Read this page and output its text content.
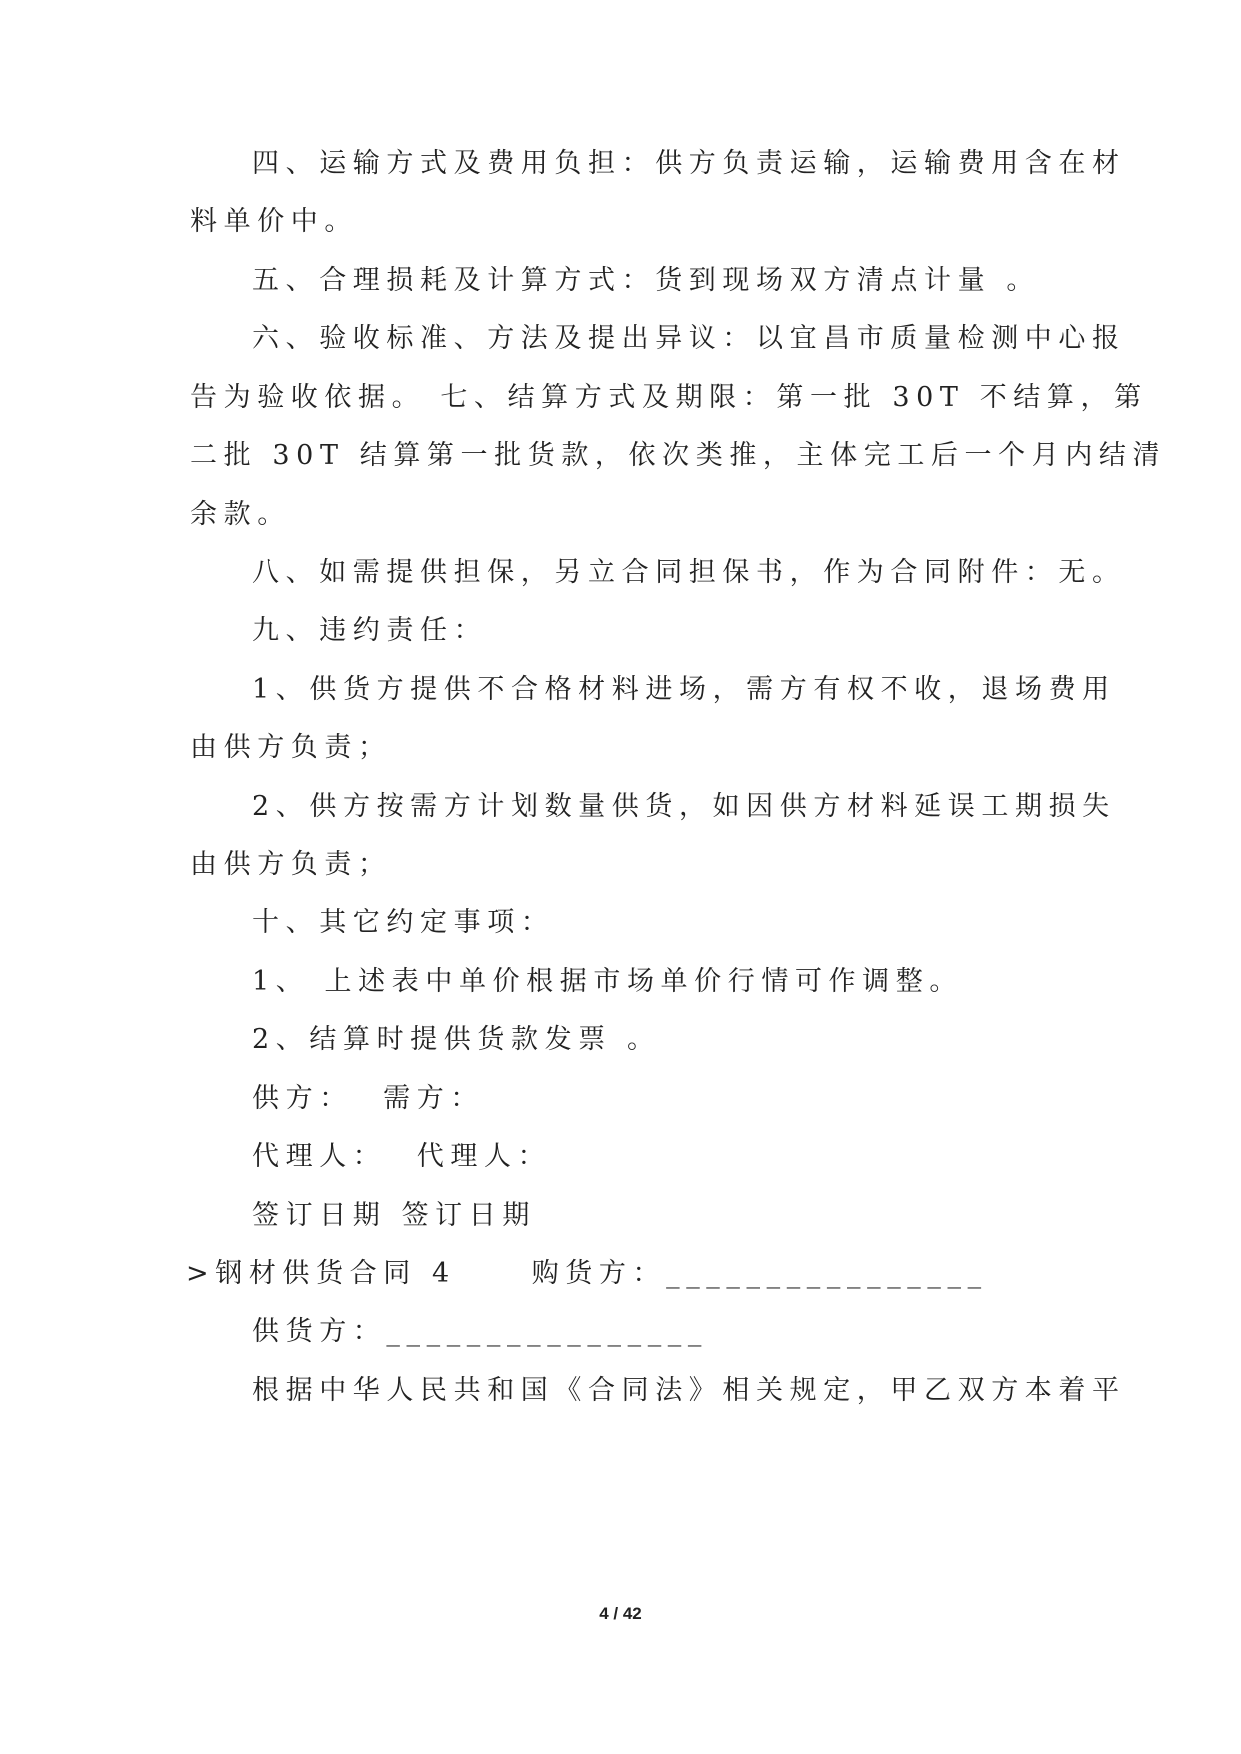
四、运输方式及费用负担：供方负责运输，运输费用含在材
料单价中。
五、合理损耗及计算方式：货到现场双方清点计量 。
六、验收标准、方法及提出异议：以宜昌市质量检测中心报
告为验收依据。 七、结算方式及期限：第一批 30T 不结算，第
二批 30T 结算第一批货款，依次类推，主体完工后一个月内结清
余款。
八、如需提供担保，另立合同担保书，作为合同附件：无。
九、违约责任：
1、供货方提供不合格材料进场，需方有权不收，退场费用
由供方负责；
2、供方按需方计划数量供货，如因供方材料延误工期损失
由供方负责；
十、其它约定事项：
1、 上述表中单价根据市场单价行情可作调整。
2、结算时提供货款发票 。
供方：  需方：
代理人：  代理人：
签订日期 签订日期
>钢材供货合同 4     购货方：________________
供货方：________________
根据中华人民共和国《合同法》相关规定，甲乙双方本着平
4 / 42
